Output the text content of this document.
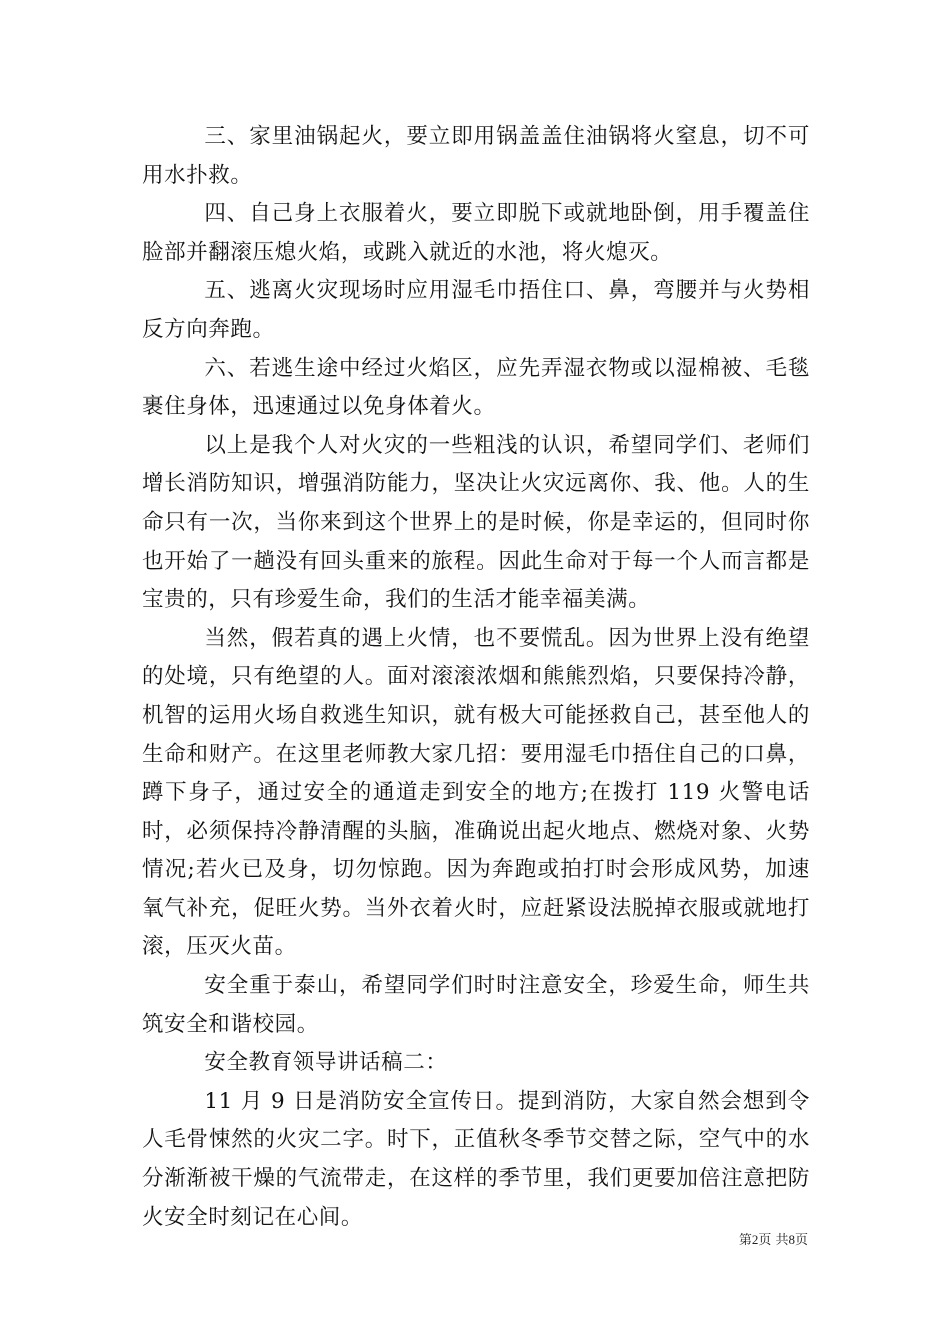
三、家里油锅起火，要立即用锅盖盖住油锅将火窒息，切不可用水扑救。

四、自己身上衣服着火，要立即脱下或就地卧倒，用手覆盖住脸部并翻滚压熄火焰，或跳入就近的水池，将火熄灭。

五、逃离火灾现场时应用湿毛巾捂住口、鼻，弯腰并与火势相反方向奔跑。

六、若逃生途中经过火焰区，应先弄湿衣物或以湿棉被、毛毯裹住身体，迅速通过以免身体着火。

以上是我个人对火灾的一些粗浅的认识，希望同学们、老师们增长消防知识，增强消防能力，坚决让火灾远离你、我、他。人的生命只有一次，当你来到这个世界上的是时候，你是幸运的，但同时你也开始了一趟没有回头重来的旅程。因此生命对于每一个人而言都是宝贵的，只有珍爱生命，我们的生活才能幸福美满。

当然，假若真的遇上火情，也不要慌乱。因为世界上没有绝望的处境，只有绝望的人。面对滚滚浓烟和熊熊烈焰，只要保持冷静，机智的运用火场自救逃生知识，就有极大可能拯救自己，甚至他人的生命和财产。在这里老师教大家几招：要用湿毛巾捂住自己的口鼻，蹲下身子，通过安全的通道走到安全的地方;在拨打 119 火警电话时，必须保持冷静清醒的头脑，准确说出起火地点、燃烧对象、火势情况;若火已及身，切勿惊跑。因为奔跑或拍打时会形成风势，加速氧气补充，促旺火势。当外衣着火时，应赶紧设法脱掉衣服或就地打滚，压灭火苗。

安全重于泰山，希望同学们时时注意安全，珍爱生命，师生共筑安全和谐校园。

安全教育领导讲话稿二：

11 月 9 日是消防安全宣传日。提到消防，大家自然会想到令人毛骨悚然的火灾二字。时下，正值秋冬季节交替之际，空气中的水分渐渐被干燥的气流带走，在这样的季节里，我们更要加倍注意把防火安全时刻记在心间。

第2页 共8页
